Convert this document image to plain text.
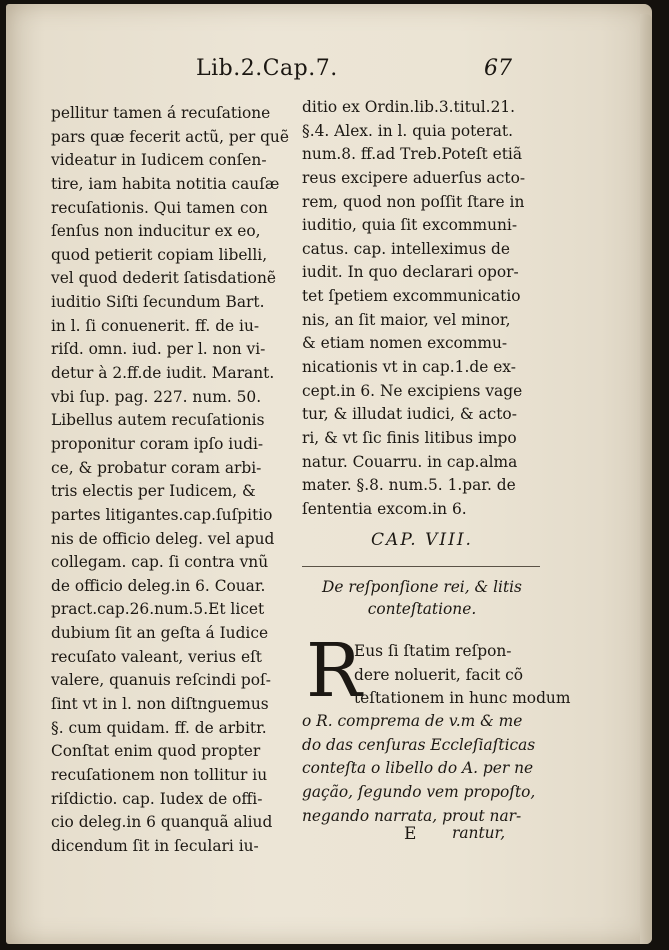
Lib.2.Cap.7.	67
pellitur tamen á recuſatione
pars quæ fecerit actũ, per quẽ
videatur in Iudicem conſen-
tire, iam habita notitia cauſæ
recuſationis. Qui tamen con
ſenſus non inducitur ex eo,
quod petierit copiam libelli,
vel quod dederit ſatisdationẽ
iuditio Siſti ſecundum Bart.
in l. ſi conuenerit. ff. de iu-
riſd. omn. iud. per l. non vi-
detur à 2.ff.de iudit. Marant.
vbi ſup. pag. 227. num. 50.
Libellus autem recuſationis
proponitur coram ipſo iudi-
ce, & probatur coram arbi-
tris electis per Iudicem, &
partes litigantes.cap.ſuſpitio
nis de officio deleg. vel apud
collegam. cap. ſi contra vnũ
de officio deleg.in 6. Couar.
pract.cap.26.num.5.Et licet
dubium ſit an geſta á Iudice
recuſato valeant, verius eſt
valere, quanuis reſcindi poſ-
ſint vt in l. non diſtnguemus
§. cum quidam. ff. de arbitr.
Conſtat enim quod propter
recuſationem non tollitur iu
riſdictio. cap. Iudex de offi-
cio deleg.in 6 quanquã aliud
dicendum ſit in ſeculari iu-
ditio ex Ordin.lib.3.titul.21.
§.4. Alex. in l. quia poterat.
num.8. ff.ad Treb.Poteſt etiã
reus excipere aduerſus actο-
rem, quod non poſſit ſtare in
iuditio, quia ſit excommuni-
catus. cap. intelleximus de
iudit. In quo declarari opor-
tet ſpetiem excommunicatio
nis, an ſit maior, vel minor,
& etiam nomen excommu-
nicationis vt in cap.1.de ex-
cept.in 6. Ne excipiens vage
tur, & illudat iudici, & acto-
ri, & vt ſic finis litibus impo
natur. Couarru. in cap.alma
mater. §.8. num.5. 1.par. de
ſententia excom.in 6.
CAP. VIII.
De reſponſione rei, & litis
conteſtatione.
R
Eus ſi ſtatim reſpon-
dere noluerit, facit cõ
teſtationem in hunc modum
o R. comprema de v.m & me
do das cenſuras Eccleſiaſticas
conteſta o libello do A. per ne
gação, ſegundo vem propoſto,
negando narrata, prout nar-
E rantur,
